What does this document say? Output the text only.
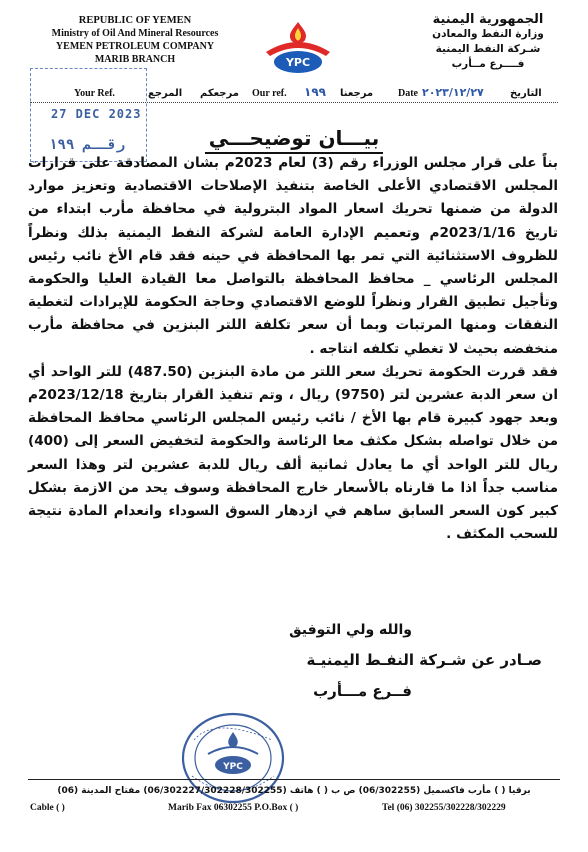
REPUBLIC OF YEMEN
Ministry of Oil And Mineral Resources
YEMEN PETROLEUM COMPANY
MARIB BRANCH
الجمهورية اليمنية
وزارة النفط والمعادن
شـركة النفط اليمنية
فــــرع مــأرب
YPC
27 DEC 2023
رقــم ١٩٩
Your Ref.	المرجع مرجعكم Our ref. ١٩٩ مرجعنا Date ٢٠٢٣/١٢/٢٧	التاريخ
بيـــان توضيحـــي

بناً على قرار مجلس الوزراء رقم (3) لعام 2023م بشان المصادقة على قرارات المجلس الاقتصادي الأعلى الخاصة بتنفيذ الإصلاحات الاقتصادية وتعزيز موارد الدولة من ضمنها تحريك اسعار المواد البترولية في محافظة مأرب ابتداء من تاريخ 2023/1/16م وتعميم الإدارة العامة لشركة النفط اليمنية بذلك ونظراً للظروف الاستثنائية التي تمر بها المحافظة في حينه فقد قام الأخ نائب رئيس المجلس الرئاسي _ محافظ المحافظة بالتواصل معا القيادة العليا والحكومة وتأجيل تطبيق القرار ونظراً للوضع الاقتصادي وحاجة الحكومة للإيرادات لتغطية النفقات ومنها المرتبات وبما أن سعر تكلفة اللتر البنزين في محافظة مأرب منخفضه بحيث لا تغطي تكلفه انتاجه .

فقد قررت الحكومة تحريك سعر اللتر من مادة البنزين (487.50) للتر الواحد أي ان سعر الدبة عشرين لتر (9750) ريال ، وتم تنفيذ القرار بتاريخ 2023/12/18م وبعد جهود كبيرة قام بها الأخ / نائب رئيس المجلس الرئاسي محافظ المحافظة من خلال تواصله بشكل مكثف معا الرئاسة والحكومة لتخفيض السعر إلى (400) ريال للتر الواحد أي ما يعادل ثمانية ألف ريال للدبة عشرين لتر وهذا السعر مناسب جداً اذا ما قارناه بالأسعار خارج المحافظة وسوف يحد من الازمة بشكل كبير كون السعر السابق ساهم في ازدهار السوق السوداء وانعدام المادة نتيجة للسحب المكثف .

والله ولي التوفيق
صـادر عن شـركة النفـط اليمنيـة
فــرع مـــأرب
YPC
برقيا ( ) مأرب فاكسميل (06/302255) ص ب ( ) هاتف (06/302227/302228/302255) مفتاح المدينة (06)
Cable ( )	Marib Fax 06302255 P.O.Box ( )	Tel (06) 302255/302228/302229
